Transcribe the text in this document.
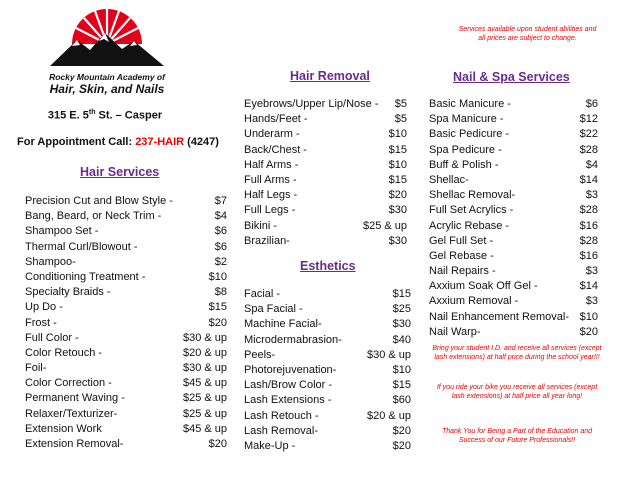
Rocky Mountain Academy of
Hair, Skin, and Nails
315 E. 5th St. – Casper
For Appointment Call: 237-HAIR (4247)
Hair Services
Hair Removal
Esthetics
Nail & Spa Services
Precision Cut and Blow Style -	$7
Bang, Beard, or Neck Trim -	$4
Shampoo Set -	$6
Thermal Curl/Blowout -	$6
Shampoo-	$2
Conditioning Treatment -	$10
Specialty Braids -	$8
Up Do -	$15
Frost -	$20
Full Color -	$30 & up
Color Retouch -	$20 & up
Foil-	$30 & up
Color Correction -	$45 & up
Permanent Waving -	$25 & up
Relaxer/Texturizer-	$25 & up
Extension Work	$45 & up
Extension Removal-	$20
Eyebrows/Upper Lip/Nose - $5
Hands/Feet -	$5
Underarm -	$10
Back/Chest -	$15
Half Arms -	$10
Full Arms -	$15
Half Legs -	$20
Full Legs -	$30
Bikini -	$25 & up
Brazilian-	$30
Facial -	$15
Spa Facial -	$25
Machine Facial-	$30
Microdermabrasion-	$40
Peels-	$30 & up
Photorejuvenation-	$10
Lash/Brow Color -	$15
Lash Extensions -	$60
Lash Retouch -	$20 & up
Lash Removal-	$20
Make-Up -	$20
Basic Manicure -	$6
Spa Manicure -	$12
Basic Pedicure -	$22
Spa Pedicure -	$28
Buff & Polish -	$4
Shellac-	$14
Shellac Removal-	$3
Full Set Acrylics -	$28
Acrylic Rebase -	$16
Gel Full Set -	$28
Gel Rebase -	$16
Nail Repairs -	$3
Axxium Soak Off Gel -	$14
Axxium Removal -	$3
Nail Enhancement Removal- $10
Nail Warp-	$20
Services available upon student abilities and all prices are subject to change.
Bring your student I.D. and receive all services (except lash extensions) at half price during the school year!!!
If you ride your bike you receive all services (except lash extensions) at half price all year long!
Thank You for Being a Part of the Education and Success of our Future Professionals!!
